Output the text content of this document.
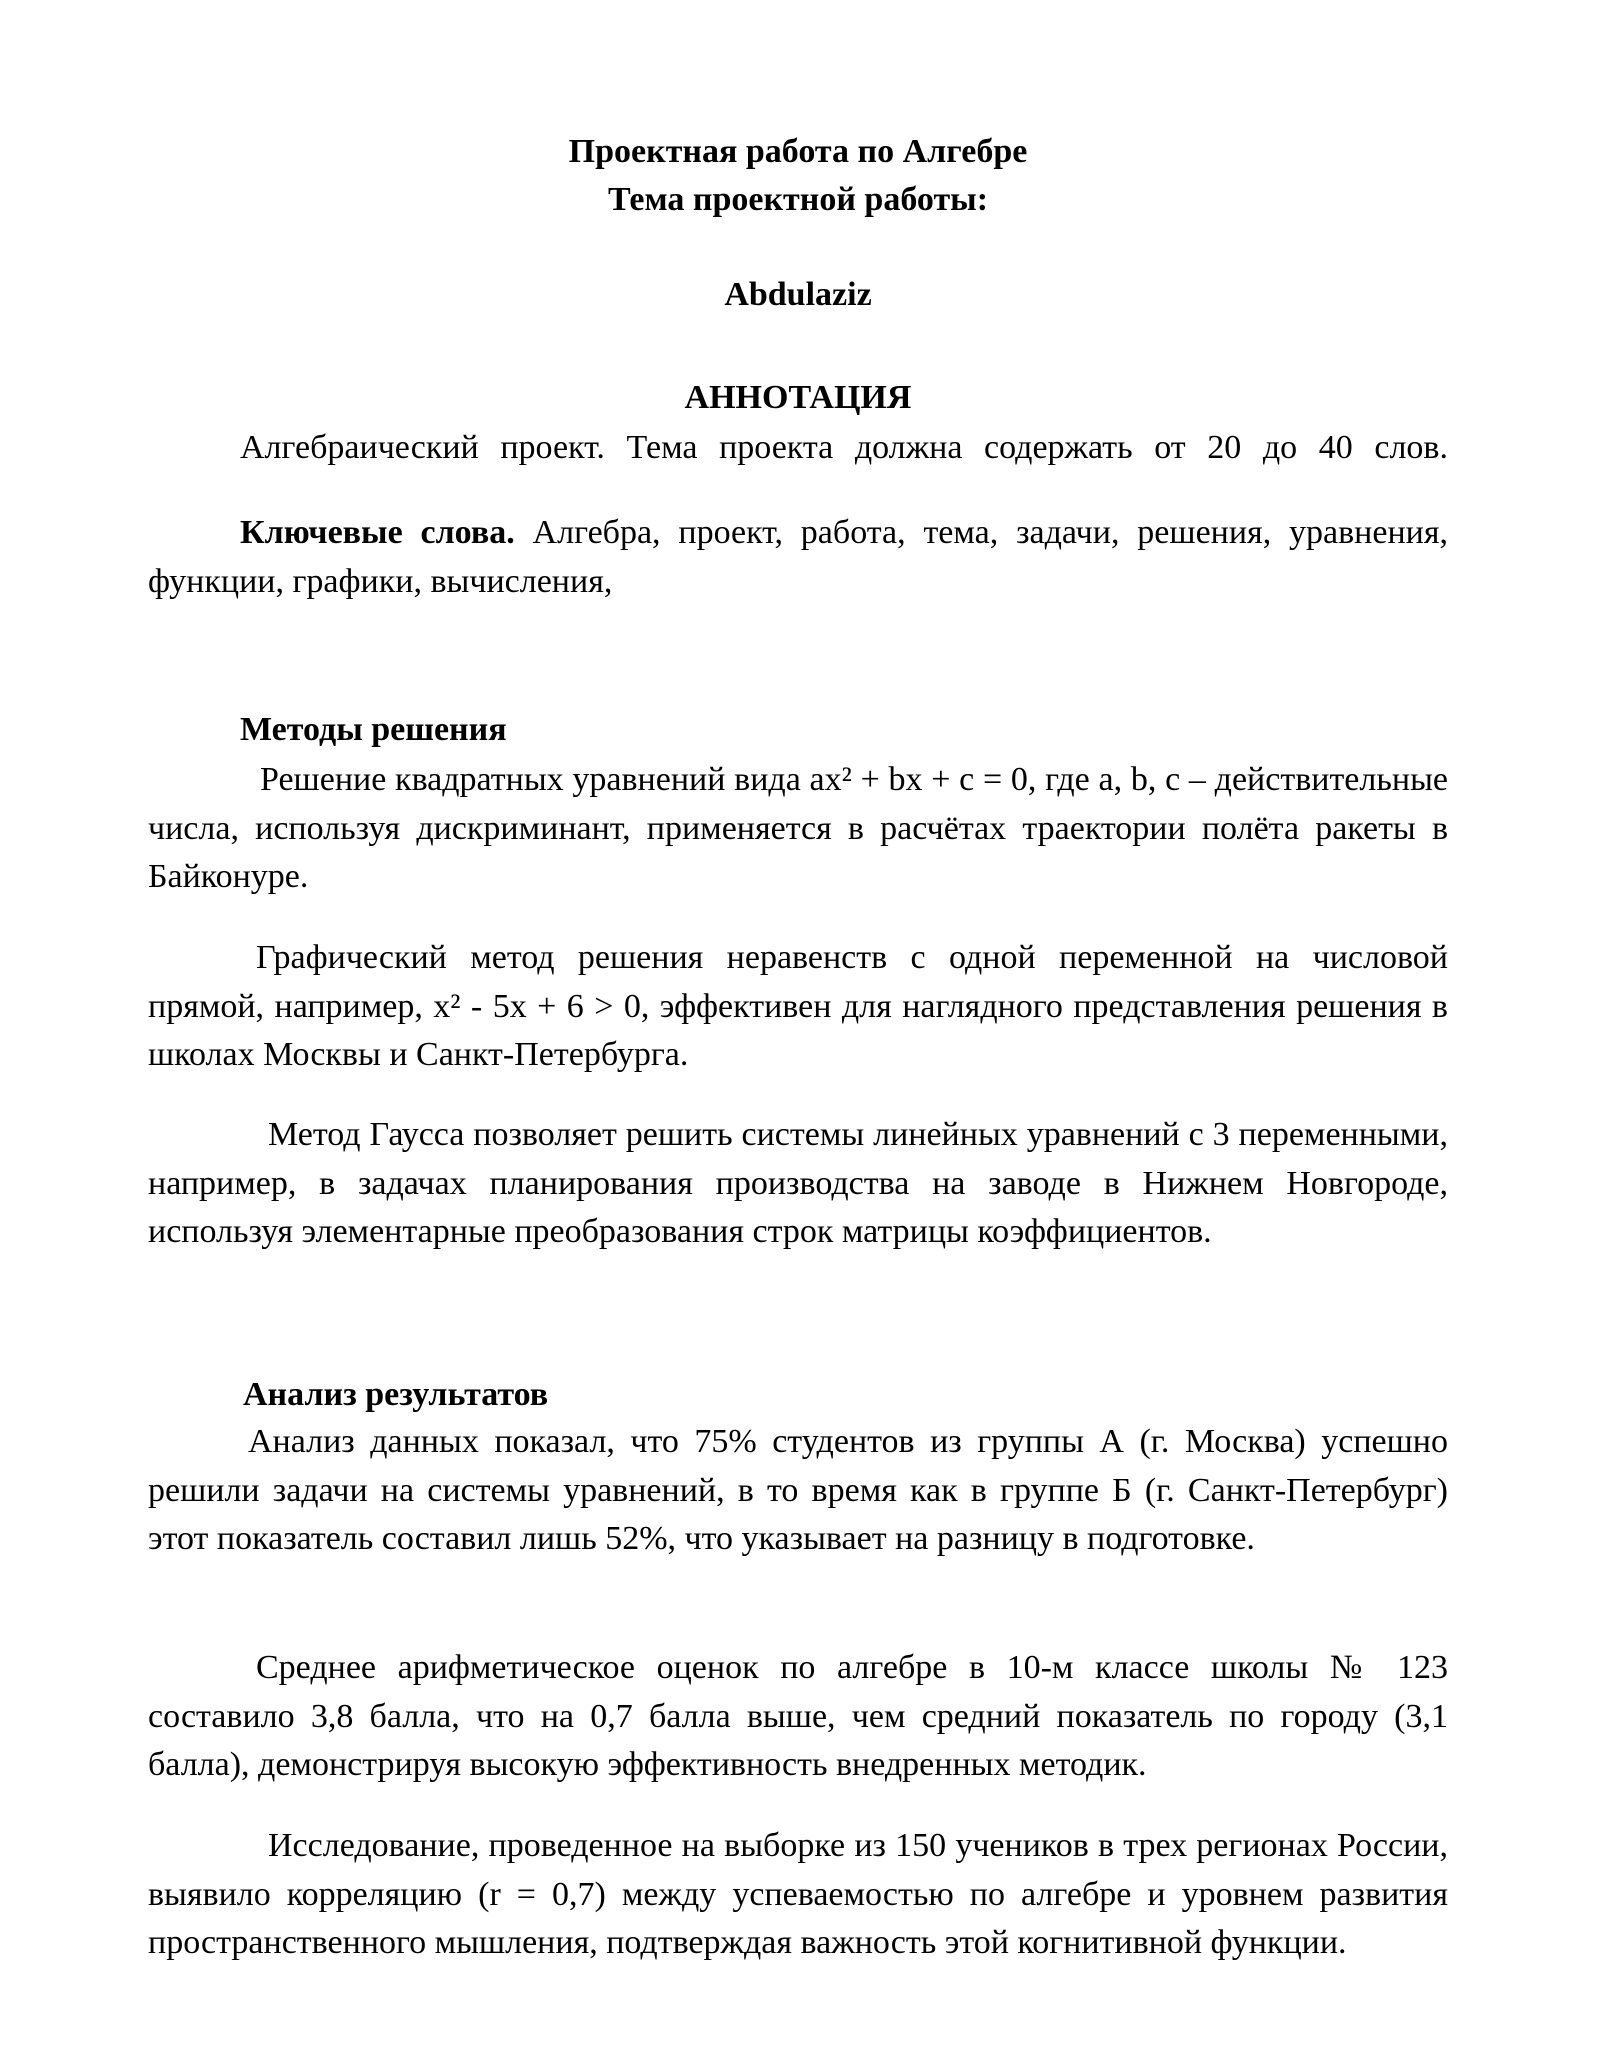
Проектная работа по Алгебре
Тема проектной работы:
Abdulaziz
АННОТАЦИЯ

Алгебраический проект. Тема проекта должна содержать от 20 до 40 слов.

Ключевые слова. Алгебра, проект, работа, тема, задачи, решения, уравнения, функции, графики, вычисления,

Методы решения

Решение квадратных уравнений вида ax² + bx + c = 0, где a, b, c – действительные числа, используя дискриминант, применяется в расчётах траектории полёта ракеты в Байконуре.

Графический метод решения неравенств с одной переменной на числовой прямой, например, x² - 5x + 6 > 0, эффективен для наглядного представления решения в школах Москвы и Санкт-Петербурга.

Метод Гаусса позволяет решить системы линейных уравнений с 3 переменными, например, в задачах планирования производства на заводе в Нижнем Новгороде, используя элементарные преобразования строк матрицы коэффициентов.

Анализ результатов

Анализ данных показал, что 75% студентов из группы А (г. Москва) успешно решили задачи на системы уравнений, в то время как в группе Б (г. Санкт-Петербург) этот показатель составил лишь 52%, что указывает на разницу в подготовке.

Среднее арифметическое оценок по алгебре в 10-м классе школы № 123 составило 3,8 балла, что на 0,7 балла выше, чем средний показатель по городу (3,1 балла), демонстрируя высокую эффективность внедренных методик.

Исследование, проведенное на выборке из 150 учеников в трех регионах России, выявило корреляцию (r = 0,7) между успеваемостью по алгебре и уровнем развития пространственного мышления, подтверждая важность этой когнитивной функции.
